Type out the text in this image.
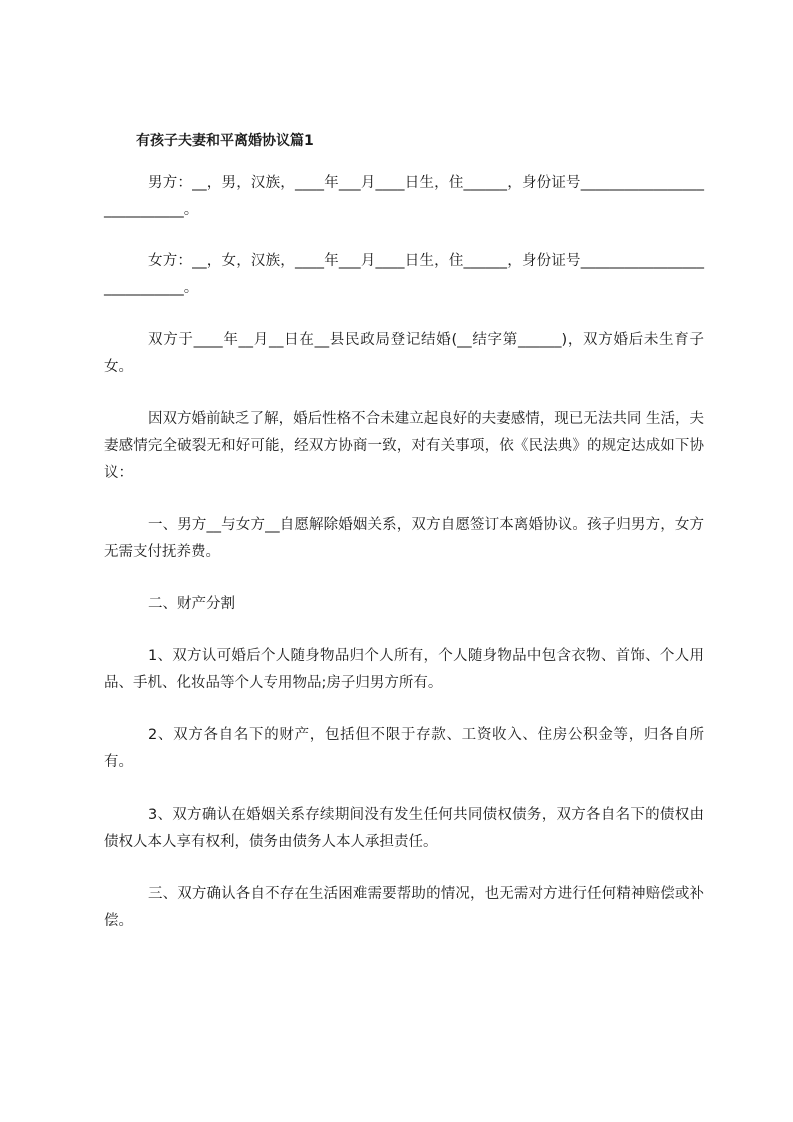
有孩子夫妻和平离婚协议篇1

男方：__，男，汉族，____年___月____日生，住______，身份证号____________________________。

女方：__，女，汉族，____年___月____日生，住______，身份证号____________________________。

双方于____年__月__日在__县民政局登记结婚(__结字第______)，双方婚后未生育子女。

因双方婚前缺乏了解，婚后性格不合未建立起良好的夫妻感情，现已无法共同 生活，夫妻感情完全破裂无和好可能，经双方协商一致，对有关事项，依《民法典》的规定达成如下协议：

一、男方__与女方__自愿解除婚姻关系，双方自愿签订本离婚协议。孩子归男方，女方无需支付抚养费。

二、财产分割

1、双方认可婚后个人随身物品归个人所有，个人随身物品中包含衣物、首饰、个人用品、手机、化妆品等个人专用物品;房子归男方所有。

2、双方各自名下的财产，包括但不限于存款、工资收入、住房公积金等，归各自所有。

3、双方确认在婚姻关系存续期间没有发生任何共同债权债务，双方各自名下的债权由债权人本人享有权利，债务由债务人本人承担责任。

三、双方确认各自不存在生活困难需要帮助的情况，也无需对方进行任何精神赔偿或补偿。
